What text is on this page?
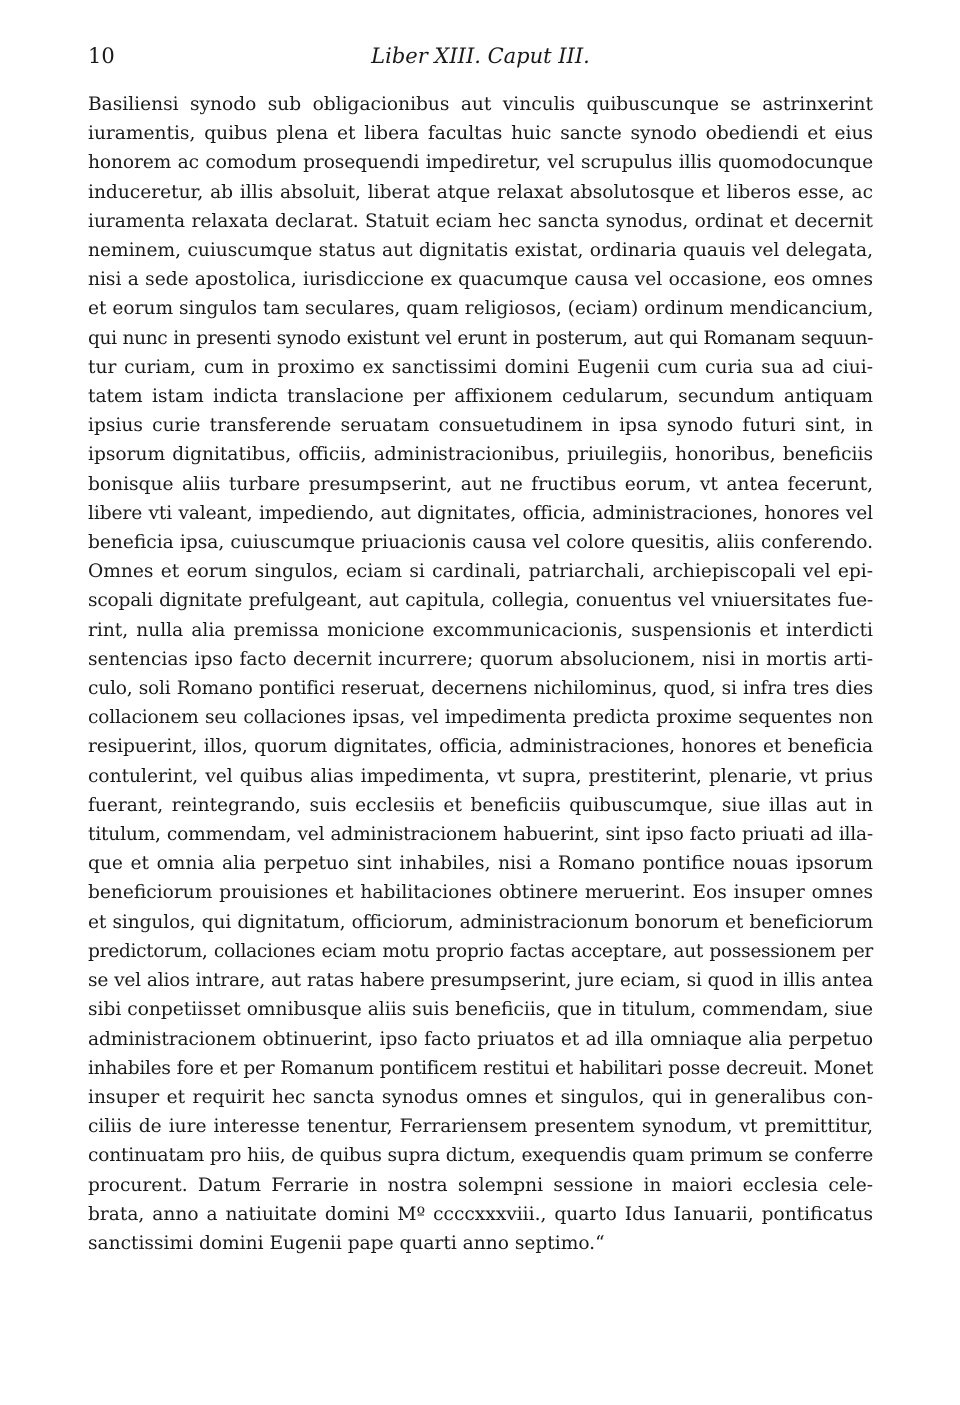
10	Liber XIII. Caput III.
Basiliensi synodo sub obligacionibus aut vinculis quibuscunque se astrinxerint
iuramentis, quibus plena et libera facultas huic sancte synodo obediendi et eius
honorem ac comodum prosequendi impediretur, vel scrupulus illis quomodocunque
induceretur, ab illis absoluit, liberat atque relaxat absolutosque et liberos esse, ac
iuramenta relaxata declarat. Statuit eciam hec sancta synodus, ordinat et decernit
neminem, cuiuscumque status aut dignitatis existat, ordinaria quauis vel delegata,
nisi a sede apostolica, iurisdiccione ex quacumque causa vel occasione, eos omnes
et eorum singulos tam seculares, quam religiosos, (eciam) ordinum mendicancium,
qui nunc in presenti synodo existunt vel erunt in posterum, aut qui Romanam sequun-
tur curiam, cum in proximo ex sanctissimi domini Eugenii cum curia sua ad ciui-
tatem istam indicta translacione per affixionem cedularum, secundum antiquam
ipsius curie transferende seruatam consuetudinem in ipsa synodo futuri sint, in
ipsorum dignitatibus, officiis, administracionibus, priuilegiis, honoribus, beneficiis
bonisque aliis turbare presumpserint, aut ne fructibus eorum, vt antea fecerunt,
libere vti valeant, impediendo, aut dignitates, officia, administraciones, honores vel
beneficia ipsa, cuiuscumque priuacionis causa vel colore quesitis, aliis conferendo.
Omnes et eorum singulos, eciam si cardinali, patriarchali, archiepiscopali vel epi-
scopali dignitate prefulgeant, aut capitula, collegia, conuentus vel vniuersitates fue-
rint, nulla alia premissa monicione excommunicacionis, suspensionis et interdicti
sentencias ipso facto decernit incurrere; quorum absolucionem, nisi in mortis arti-
culo, soli Romano pontifici reseruat, decernens nichilominus, quod, si infra tres dies
collacionem seu collaciones ipsas, vel impedimenta predicta proxime sequentes non
resipuerint, illos, quorum dignitates, officia, administraciones, honores et beneficia
contulerint, vel quibus alias impedimenta, vt supra, prestiterint, plenarie, vt prius
fuerant, reintegrando, suis ecclesiis et beneficiis quibuscumque, siue illas aut in
titulum, commendam, vel administracionem habuerint, sint ipso facto priuati ad illa-
que et omnia alia perpetuo sint inhabiles, nisi a Romano pontifice nouas ipsorum
beneficiorum prouisiones et habilitaciones obtinere meruerint. Eos insuper omnes
et singulos, qui dignitatum, officiorum, administracionum bonorum et beneficiorum
predictorum, collaciones eciam motu proprio factas acceptare, aut possessionem per
se vel alios intrare, aut ratas habere presumpserint, jure eciam, si quod in illis antea
sibi conpetiisset omnibusque aliis suis beneficiis, que in titulum, commendam, siue
administracionem obtinuerint, ipso facto priuatos et ad illa omniaque alia perpetuo
inhabiles fore et per Romanum pontificem restitui et habilitari posse decreuit. Monet
insuper et requirit hec sancta synodus omnes et singulos, qui in generalibus con-
ciliis de iure interesse tenentur, Ferrariensem presentem synodum, vt premittitur,
continuatam pro hiis, de quibus supra dictum, exequendis quam primum se conferre
procurent. Datum Ferrarie in nostra solempni sessione in maiori ecclesia cele-
brata, anno a natiuitate domini Mº ccccxxxviii., quarto Idus Ianuarii, pontificatus
sanctissimi domini Eugenii pape quarti anno septimo.“
